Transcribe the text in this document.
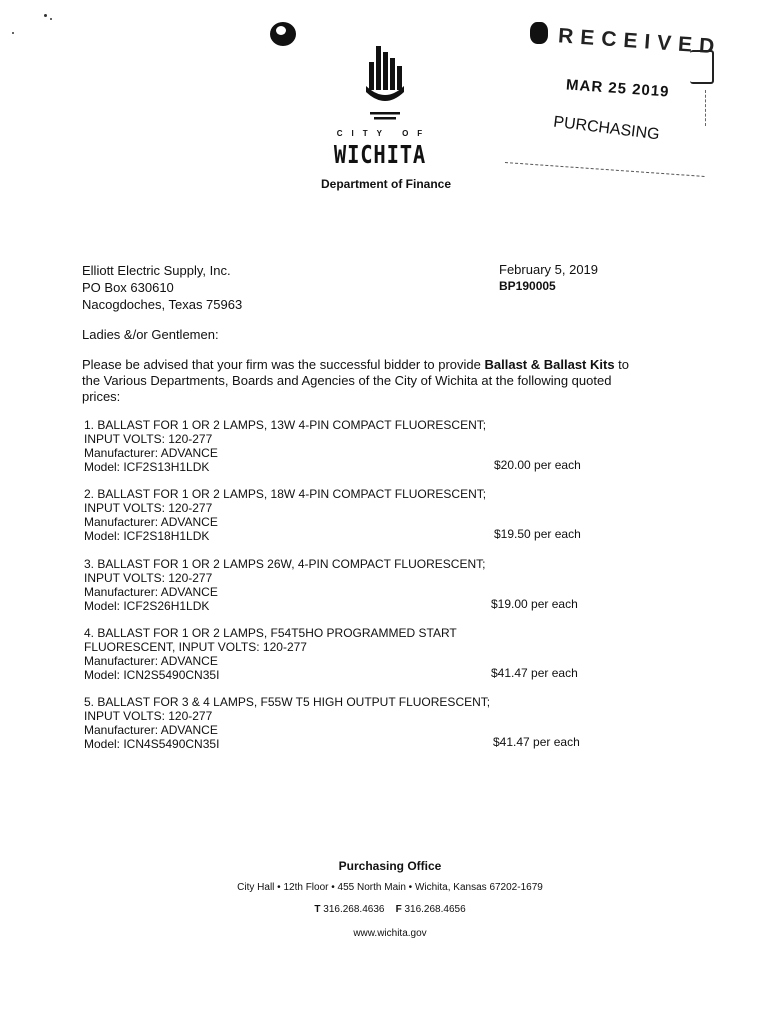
CITY OF
WICHITA
Department of Finance
RECEIVED
MAR 25 2019
PURCHASING
Elliott Electric Supply, Inc.
PO Box 630610
Nacogdoches, Texas 75963
February 5, 2019
BP190005
Ladies &/or Gentlemen:
Please be advised that your firm was the successful bidder to provide Ballast & Ballast Kits to
the Various Departments, Boards and Agencies of the City of Wichita at the following quoted
prices:
1. BALLAST FOR 1 OR 2 LAMPS, 13W 4-PIN COMPACT FLUORESCENT;
INPUT VOLTS: 120-277
Manufacturer: ADVANCE
Model: ICF2S13H1LDK	$20.00 per each
2. BALLAST FOR 1 OR 2 LAMPS, 18W 4-PIN COMPACT FLUORESCENT;
INPUT VOLTS: 120-277
Manufacturer: ADVANCE
Model: ICF2S18H1LDK	$19.50 per each
3. BALLAST FOR 1 OR 2 LAMPS 26W, 4-PIN COMPACT FLUORESCENT;
INPUT VOLTS: 120-277
Manufacturer: ADVANCE
Model: ICF2S26H1LDK	$19.00 per each
4. BALLAST FOR 1 OR 2 LAMPS, F54T5HO PROGRAMMED START
FLUORESCENT, INPUT VOLTS: 120-277
Manufacturer: ADVANCE
Model: ICN2S5490CN35I	$41.47 per each
5. BALLAST FOR 3 & 4 LAMPS, F55W T5 HIGH OUTPUT FLUORESCENT;
INPUT VOLTS: 120-277
Manufacturer: ADVANCE
Model: ICN4S5490CN35I	$41.47 per each
Purchasing Office
City Hall • 12th Floor • 455 North Main • Wichita, Kansas 67202-1679
T 316.268.4636 F 316.268.4656
www.wichita.gov
